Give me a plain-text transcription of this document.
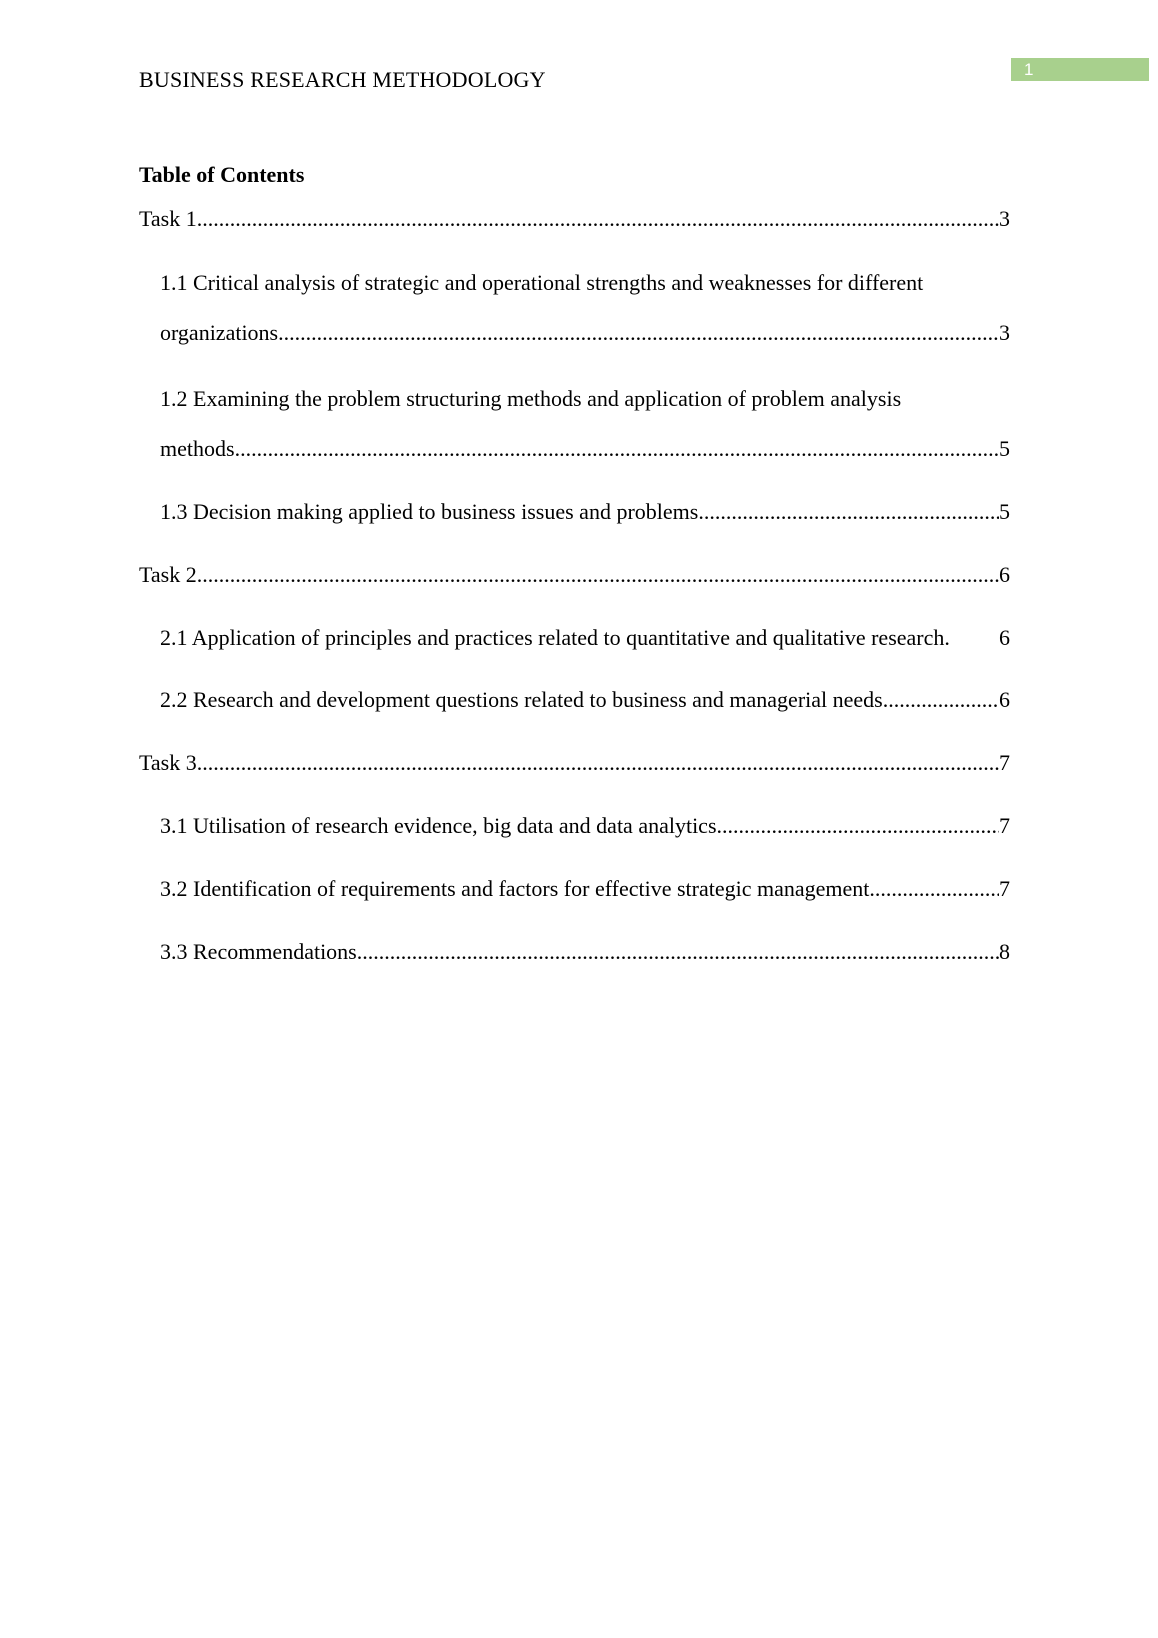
BUSINESS RESEARCH METHODOLOGY	1
Table of Contents
Task 1 .....	3
1.1 Critical analysis of strategic and operational strengths and weaknesses for different
organizations .....	3
1.2 Examining the problem structuring methods and application of problem analysis
methods .....	5
1.3 Decision making applied to business issues and problems .....	5
Task 2 .....	6
2.1 Application of principles and practices related to quantitative and qualitative research. 6
2.2 Research and development questions related to business and managerial needs .....	6
Task 3 .....	7
3.1 Utilisation of research evidence, big data and data analytics .....	7
3.2 Identification of requirements and factors for effective strategic management .....	7
3.3 Recommendations .....	8
